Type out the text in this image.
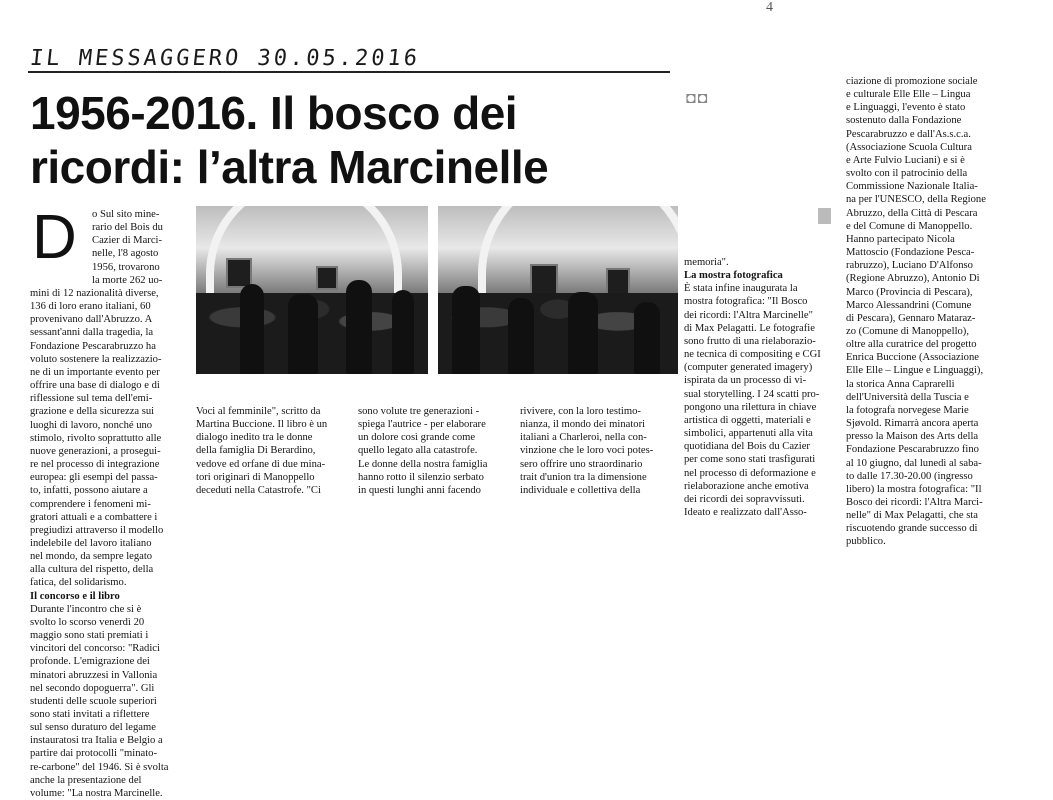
IL MESSAGGERO 30.05.2016
4
1956-2016. Il bosco dei
ricordi: l’altra Marcinelle
◘◘
D o Sul sito mine-

rario del Bois du

Cazier di Marci-

nelle, l'8 agosto

1956, trovarono

la morte 262 uo-

mini di 12 nazionalità diverse,

136 di loro erano italiani, 60

provenivano dall'Abruzzo. A

sessant'anni dalla tragedia, la

Fondazione Pescarabruzzo ha

voluto sostenere la realizzazio-

ne di un importante evento per

offrire una base di dialogo e di

riflessione sul tema dell'emi-

grazione e della sicurezza sui

luoghi di lavoro, nonché uno

stimolo, rivolto soprattutto alle

nuove generazioni, a prosegui-

re nel processo di integrazione

europea: gli esempi del passa-

to, infatti, possono aiutare a

comprendere i fenomeni mi-

gratori attuali e a combattere i

pregiudizi attraverso il modello

indelebile del lavoro italiano

nel mondo, da sempre legato

alla cultura del rispetto, della

fatica, del solidarismo.

Il concorso e il libro

Durante l'incontro che si è

svolto lo scorso venerdì 20

maggio sono stati premiati i

vincitori del concorso: "Radici

profonde. L'emigrazione dei

minatori abruzzesi in Vallonia

nel secondo dopoguerra". Gli

studenti delle scuole superiori

sono stati invitati a riflettere

sul senso duraturo del legame

instauratosi tra Italia e Belgio a

partire dai protocolli "minato-

re-carbone" del 1946. Si è svolta

anche la presentazione del

volume: "La nostra Marcinelle.

Voci al femminile", scritto da

Martina Buccione. Il libro è un

dialogo inedito tra le donne

della famiglia Di Berardino,

vedove ed orfane di due mina-

tori originari di Manoppello

deceduti nella Catastrofe. "Ci

sono volute tre generazioni -

spiega l'autrice - per elaborare

un dolore così grande come

quello legato alla catastrofe.

Le donne della nostra famiglia

hanno rotto il silenzio serbato

in questi lunghi anni facendo

rivivere, con la loro testimo-

nianza, il mondo dei minatori

italiani a Charleroi, nella con-

vinzione che le loro voci potes-

sero offrire uno straordinario

trait d'union tra la dimensione

individuale e collettiva della

memoria".

La mostra fotografica

È stata infine inaugurata la

mostra fotografica: "Il Bosco

dei ricordi: l'Altra Marcinelle"

di Max Pelagatti. Le fotografie

sono frutto di una rielaborazio-

ne tecnica di compositing e CGI

(computer generated imagery)

ispirata da un processo di vi-

sual storytelling. I 24 scatti pro-

pongono una rilettura in chiave

artistica di oggetti, materiali e

simbolici, appartenuti alla vita

quotidiana del Bois du Cazier

per come sono stati trasfigurati

nel processo di deformazione e

rielaborazione anche emotiva

dei ricordi dei sopravvissuti.

Ideato e realizzato dall'Asso-

ciazione di promozione sociale

e culturale Elle Elle – Lingua

e Linguaggi, l'evento è stato

sostenuto dalla Fondazione

Pescarabruzzo e dall'As.s.c.a.

(Associazione Scuola Cultura

e Arte Fulvio Luciani) e si è

svolto con il patrocinio della

Commissione Nazionale Italia-

na per l'UNESCO, della Regione

Abruzzo, della Città di Pescara

e del Comune di Manoppello.

Hanno partecipato Nicola

Mattoscio (Fondazione Pesca-

rabruzzo), Luciano D'Alfonso

(Regione Abruzzo), Antonio Di

Marco (Provincia di Pescara),

Marco Alessandrini (Comune

di Pescara), Gennaro Matarаz-

zo (Comune di Manoppello),

oltre alla curatrice del progetto

Enrica Buccione (Associazione

Elle Elle – Lingue e Linguaggi),

la storica Anna Caprarelli

dell'Università della Tuscia e

la fotografa norvegese Marie

Sjøvold. Rimarrà ancora aperta

presso la Maison des Arts della

Fondazione Pescarabruzzo fino

al 10 giugno, dal lunedì al saba-

to dalle 17.30-20.00 (ingresso

libero) la mostra fotografica: "Il

Bosco dei ricordi: l'Altra Marci-

nelle" di Max Pelagatti, che sta

riscuotendo grande successo di

pubblico.
